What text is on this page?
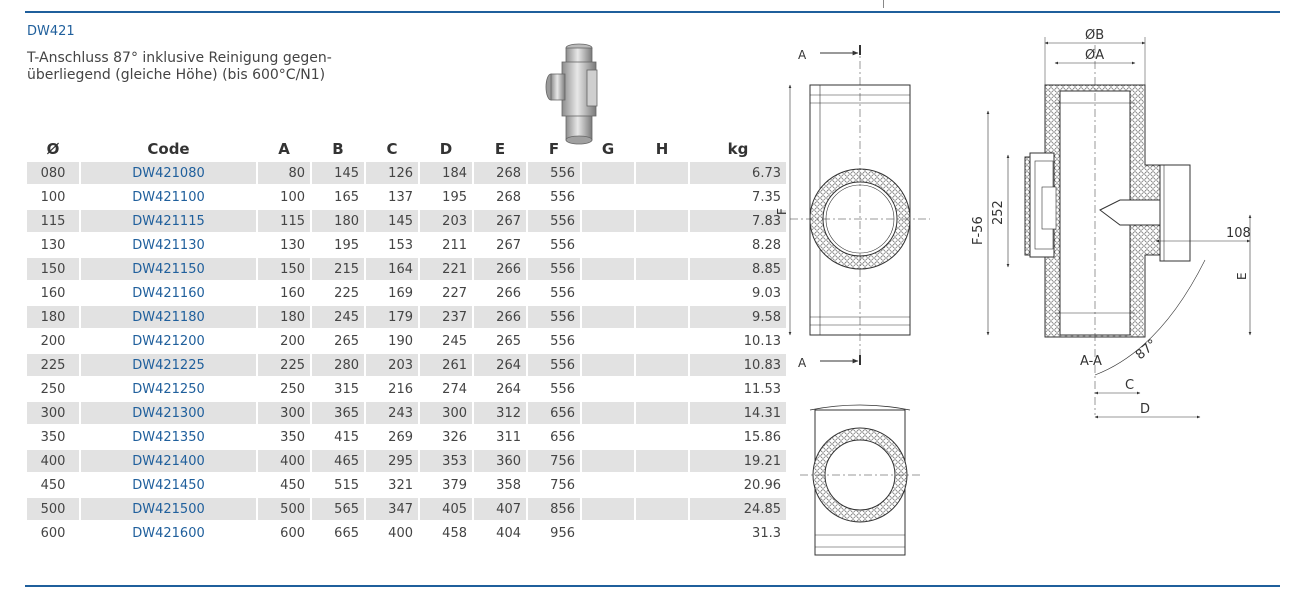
DW421
T-Anschluss 87° inklusive Reinigung gegen-
überliegend (gleiche Höhe) (bis 600°C/N1)
Ø	Code	A	B	C	D	E	F	G	H	kg
080	DW421080	80	145	126	184	268	556			6.73
100	DW421100	100	165	137	195	268	556			7.35
115	DW421115	115	180	145	203	267	556			7.83
130	DW421130	130	195	153	211	267	556			8.28
150	DW421150	150	215	164	221	266	556			8.85
160	DW421160	160	225	169	227	266	556			9.03
180	DW421180	180	245	179	237	266	556			9.58
200	DW421200	200	265	190	245	265	556			10.13
225	DW421225	225	280	203	261	264	556			10.83
250	DW421250	250	315	216	274	264	556			11.53
300	DW421300	300	365	243	300	312	656			14.31
350	DW421350	350	415	269	326	311	656			15.86
400	DW421400	400	465	295	353	360	756			19.21
450	DW421450	450	515	321	379	358	756			20.96
500	DW421500	500	565	347	405	407	856			24.85
600	DW421600	600	665	400	458	404	956			31.3
A
A
F
ØB
ØA
F-56
252
108
E
A-A 87°
C
D
